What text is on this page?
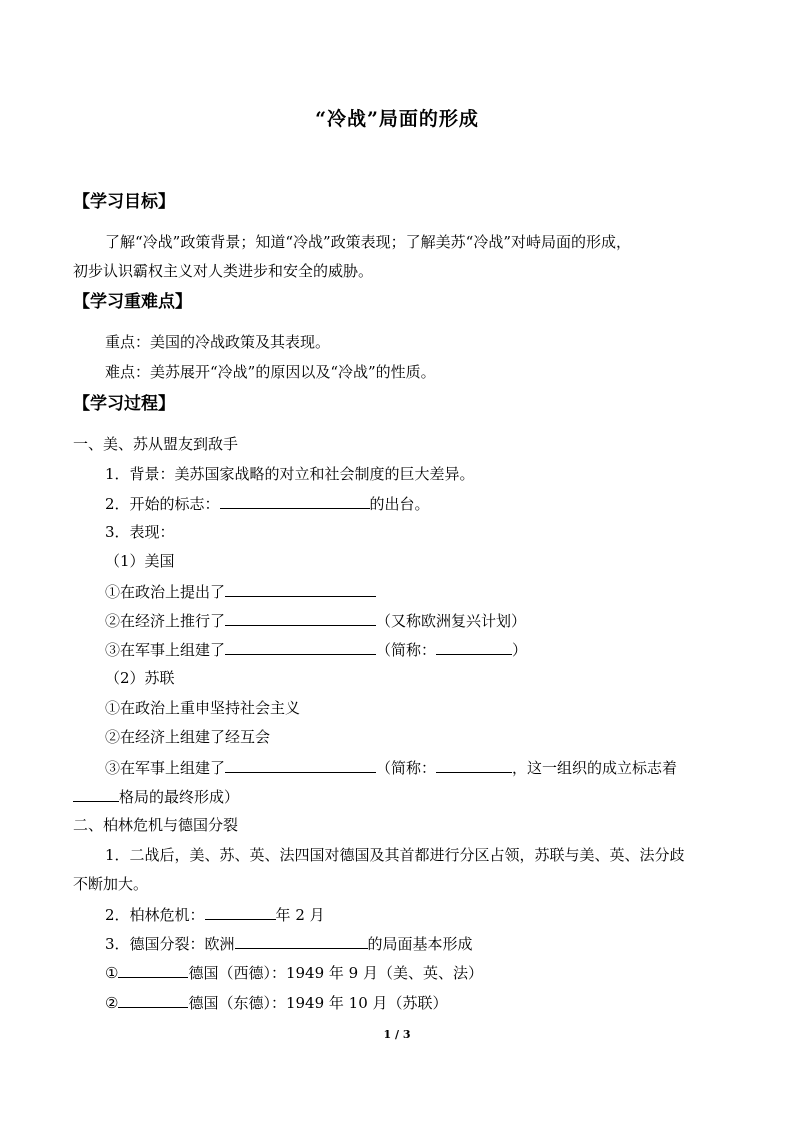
“冷战”局面的形成
【学习目标】
了解“冷战”政策背景；知道“冷战”政策表现；了解美苏“冷战”对峙局面的形成，
初步认识霸权主义对人类进步和安全的威胁。
【学习重难点】
重点：美国的冷战政策及其表现。
难点：美苏展开“冷战”的原因以及“冷战”的性质。
【学习过程】
一、美、苏从盟友到敌手
1．背景：美苏国家战略的对立和社会制度的巨大差异。
2．开始的标志：	的出台。
3．表现：
（1）美国
①在政治上提出了
②在经济上推行了	（又称欧洲复兴计划）
③在军事上组建了	（简称：	）
（2）苏联
①在政治上重申坚持社会主义
②在经济上组建了经互会
③在军事上组建了	（简称：	，这一组织的成立标志着
格局的最终形成）
二、柏林危机与德国分裂
1．二战后，美、苏、英、法四国对德国及其首都进行分区占领，苏联与美、英、法分歧
不断加大。
2．柏林危机：	年 2 月
3．德国分裂：欧洲	的局面基本形成
①	德国（西德）：1949 年 9 月（美、英、法）
②	德国（东德）：1949 年 10 月（苏联）
1 / 3
